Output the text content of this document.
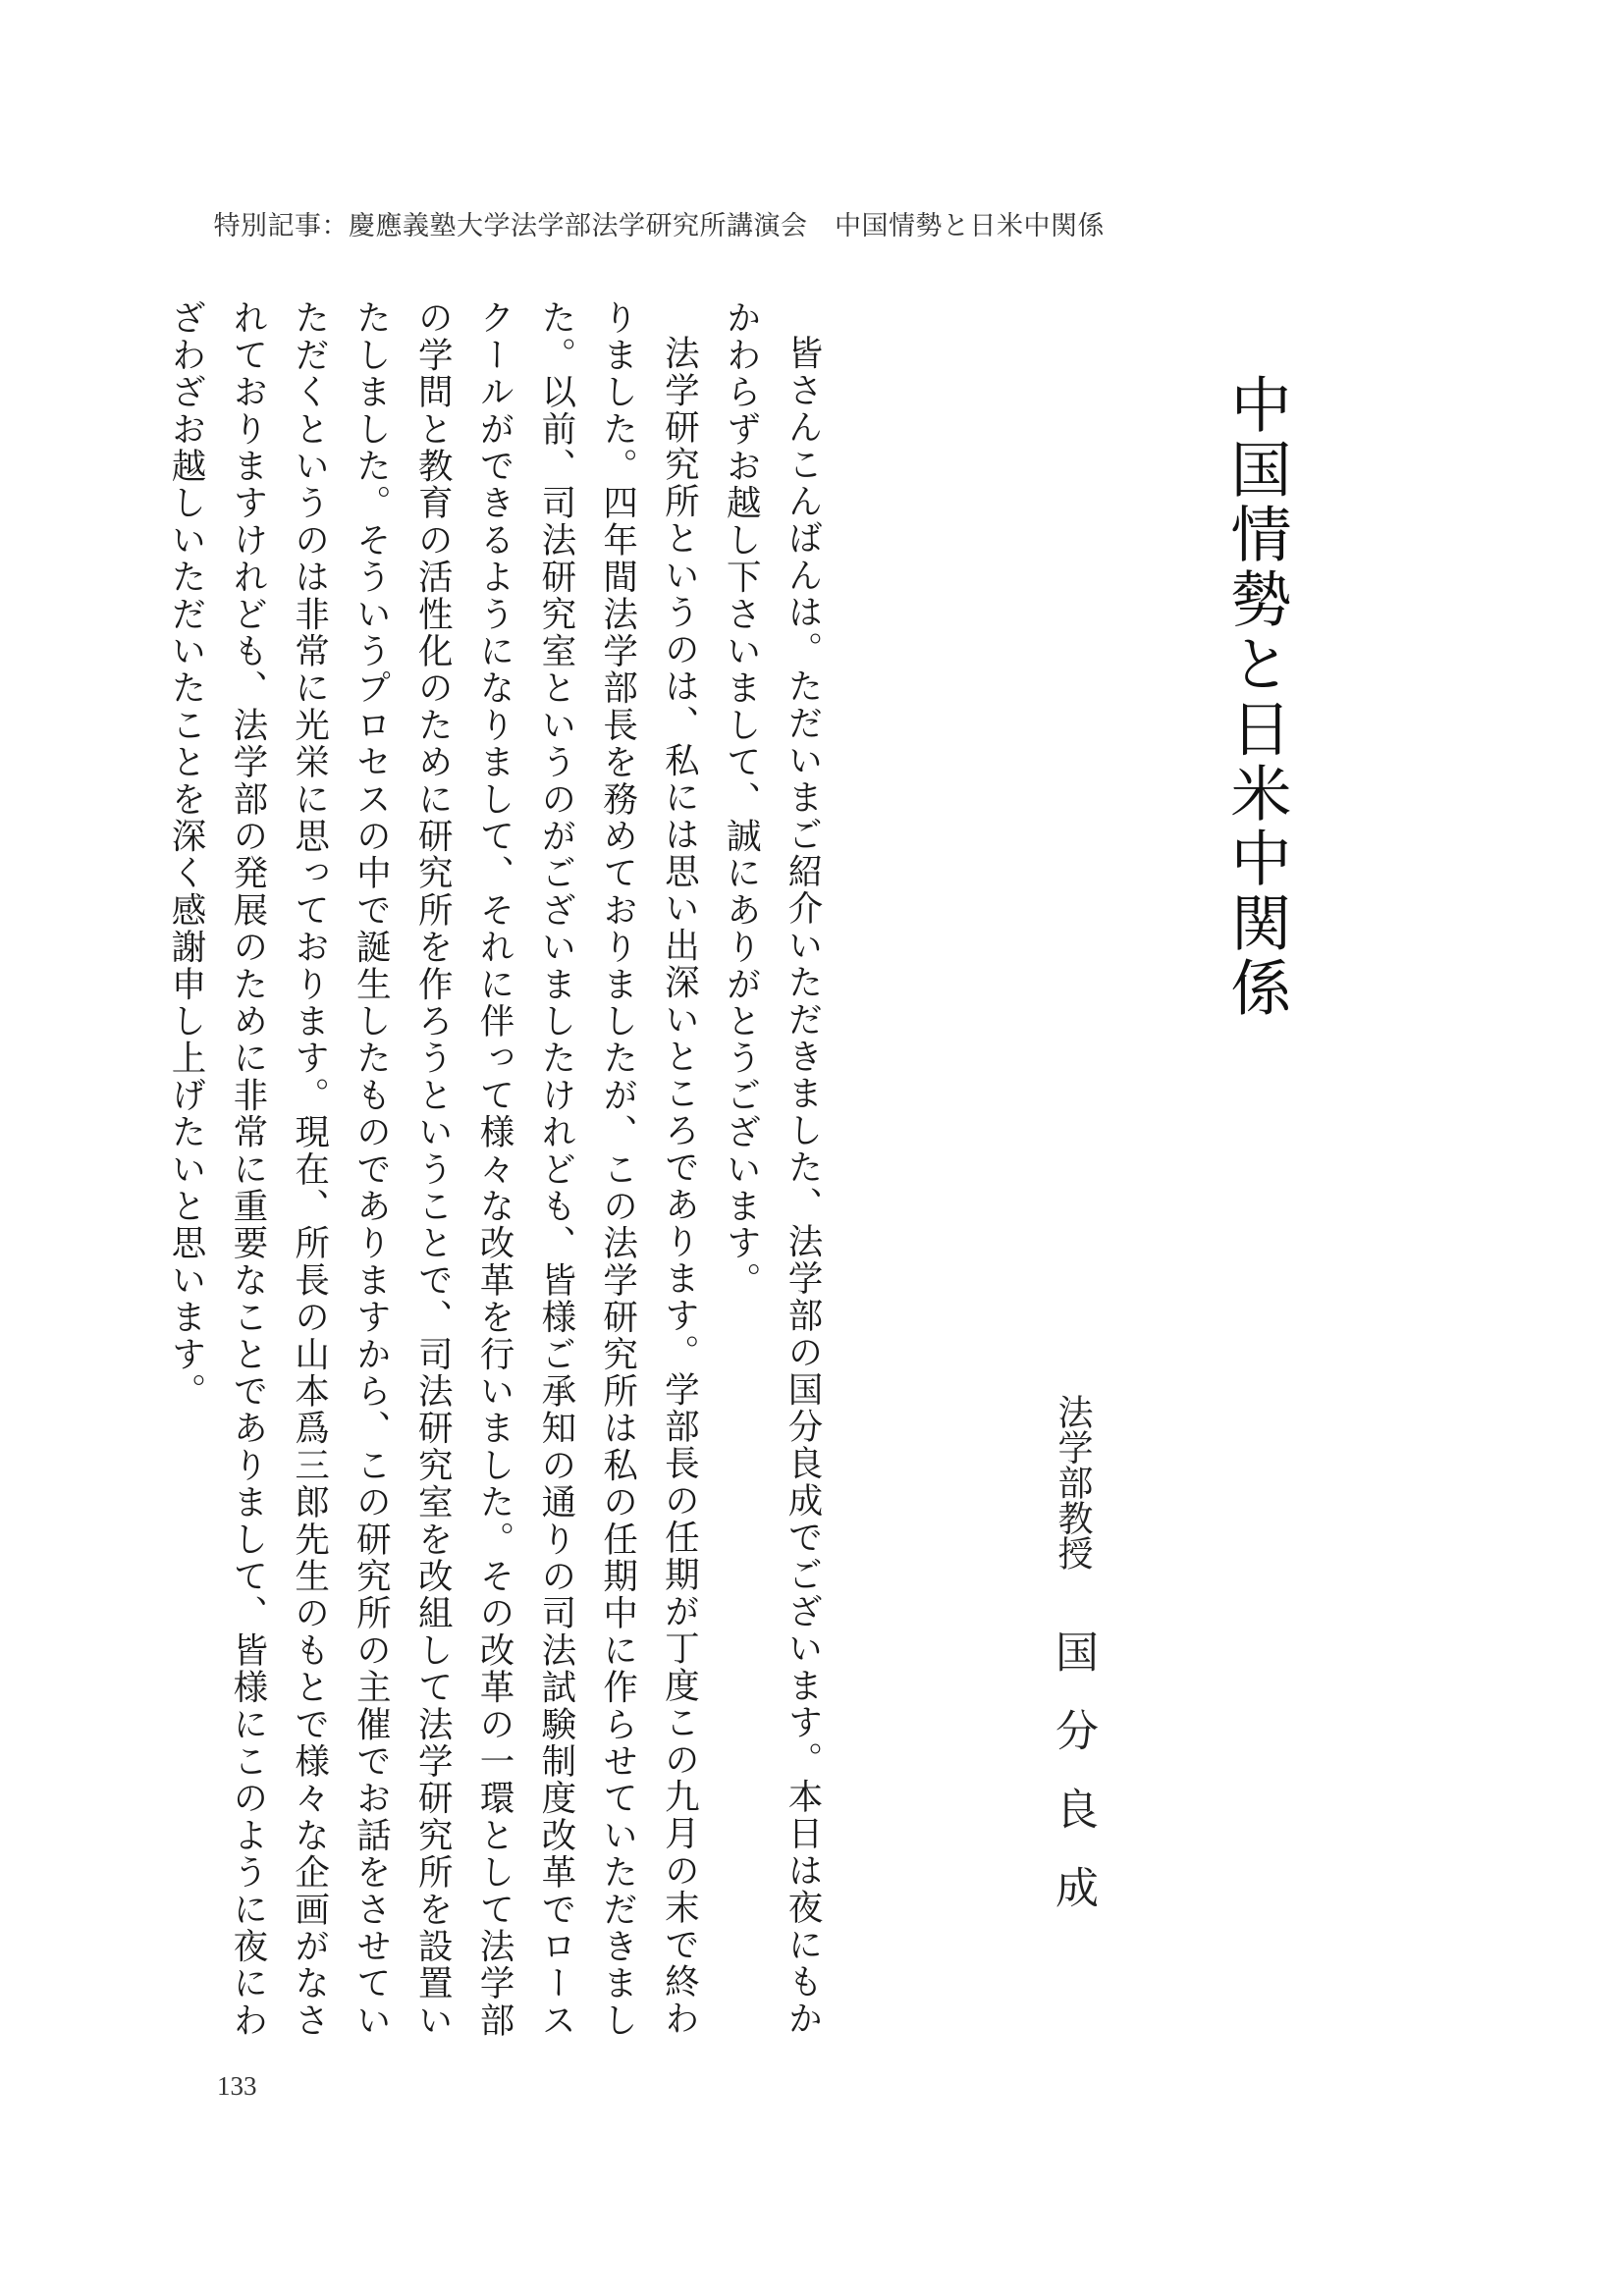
特別記事：慶應義塾大学法学部法学研究所講演会　中国情勢と日米中関係
中国情勢と日米中関係
法学部教授
国分良成

皆さんこんばんは。ただいまご紹介いただきました、法学部の国分良成でございます。本日は夜にもかかわらずお越し下さいまして、誠にありがとうございます。

法学研究所というのは、私には思い出深いところであります。学部長の任期が丁度この九月の末で終わりました。四年間法学部長を務めておりましたが、この法学研究所は私の任期中に作らせていただきました。以前、司法研究室というのがございましたけれども、皆様ご承知の通りの司法試験制度改革でロースクールができるようになりまして、それに伴って様々な改革を行いました。その改革の一環として法学部の学問と教育の活性化のために研究所を作ろうということで、司法研究室を改組して法学研究所を設置いたしました。そういうプロセスの中で誕生したものでありますから、この研究所の主催でお話をさせていただくというのは非常に光栄に思っております。現在、所長の山本爲三郎先生のもとで様々な企画がなされておりますけれども、法学部の発展のために非常に重要なことでありまして、皆様にこのように夜にわざわざお越しいただいたことを深く感謝申し上げたいと思います。

133
